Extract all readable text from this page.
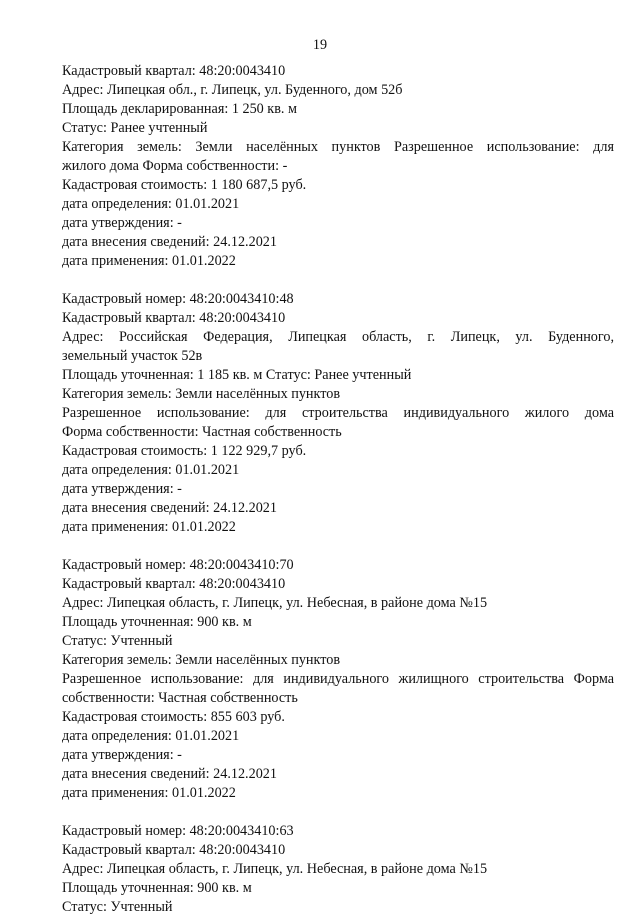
19
Кадастровый квартал: 48:20:0043410
Адрес: Липецкая обл., г. Липецк, ул. Буденного, дом 52б
Площадь декларированная: 1 250 кв. м
Статус: Ранее учтенный
Категория земель: Земли населённых пунктов Разрешенное использование: для
жилого дома Форма собственности: -
Кадастровая стоимость: 1 180 687,5 руб.
дата определения: 01.01.2021
дата утверждения: -
дата внесения сведений: 24.12.2021
дата применения: 01.01.2022
Кадастровый номер: 48:20:0043410:48
Кадастровый квартал: 48:20:0043410
Адрес: Российская Федерация, Липецкая область, г. Липецк, ул. Буденного,
земельный участок 52в
Площадь уточненная: 1 185 кв. м Статус: Ранее учтенный
Категория земель: Земли населённых пунктов
Разрешенное использование: для строительства индивидуального жилого дома
Форма собственности: Частная собственность
Кадастровая стоимость: 1 122 929,7 руб.
дата определения: 01.01.2021
дата утверждения: -
дата внесения сведений: 24.12.2021
дата применения: 01.01.2022
Кадастровый номер: 48:20:0043410:70
Кадастровый квартал: 48:20:0043410
Адрес: Липецкая область, г. Липецк, ул. Небесная, в районе дома №15
Площадь уточненная: 900 кв. м
Статус: Учтенный
Категория земель: Земли населённых пунктов
Разрешенное использование: для индивидуального жилищного строительства Форма
собственности: Частная собственность
Кадастровая стоимость: 855 603 руб.
дата определения: 01.01.2021
дата утверждения: -
дата внесения сведений: 24.12.2021
дата применения: 01.01.2022
Кадастровый номер: 48:20:0043410:63
Кадастровый квартал: 48:20:0043410
Адрес: Липецкая область, г. Липецк, ул. Небесная, в районе дома №15
Площадь уточненная: 900 кв. м
Статус: Учтенный
